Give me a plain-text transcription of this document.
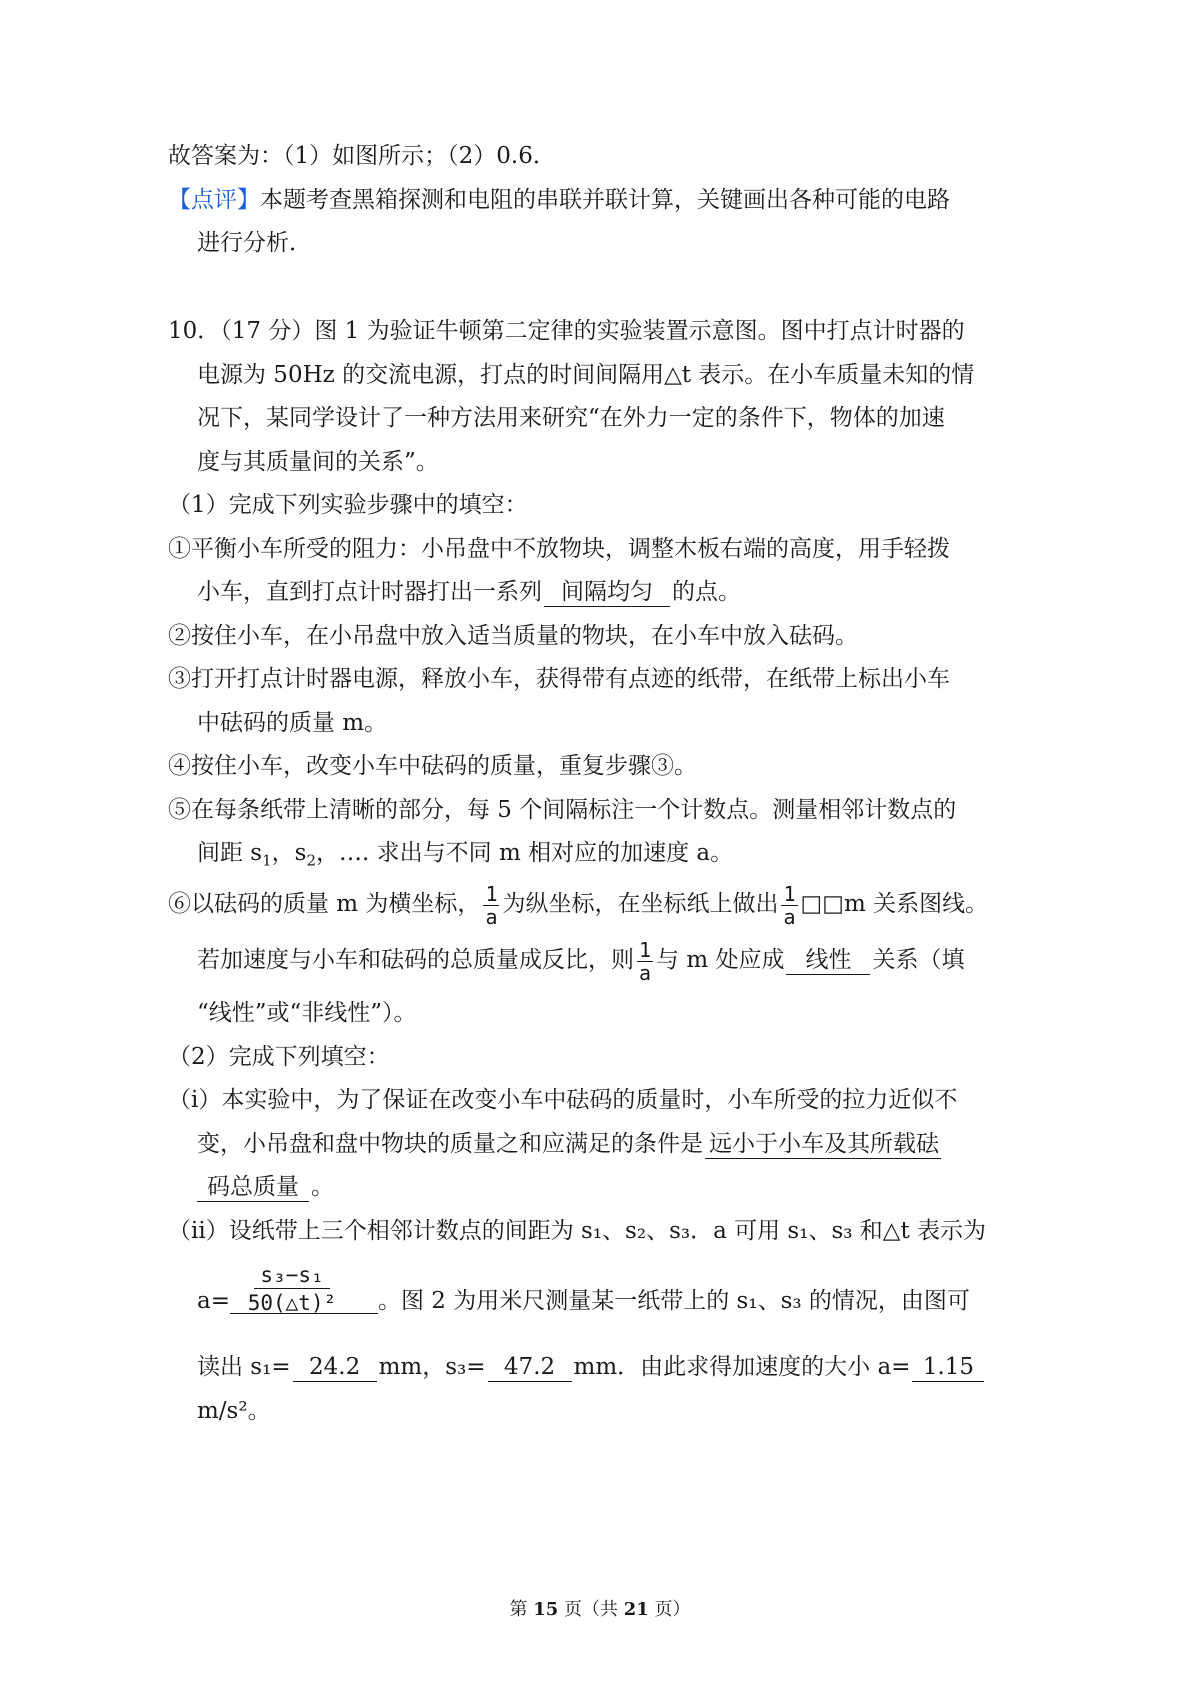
故答案为：（1）如图所示；（2）0.6．
【点评】本题考查黑箱探测和电阻的串联并联计算，关键画出各种可能的电路
进行分析．
10．（17 分）图 1 为验证牛顿第二定律的实验装置示意图。图中打点计时器的
电源为 50Hz 的交流电源，打点的时间间隔用△t 表示。在小车质量未知的情
况下，某同学设计了一种方法用来研究“在外力一定的条件下，物体的加速
度与其质量间的关系”。
（1）完成下列实验步骤中的填空：
①平衡小车所受的阻力：小吊盘中不放物块，调整木板右端的高度，用手轻拨
小车，直到打点计时器打出一系列 间隔均匀 的点。
②按住小车，在小吊盘中放入适当质量的物块，在小车中放入砝码。
③打开打点计时器电源，释放小车，获得带有点迹的纸带，在纸带上标出小车
中砝码的质量 m。
④按住小车，改变小车中砝码的质量，重复步骤③。
⑤在每条纸带上清晰的部分，每 5 个间隔标注一个计数点。测量相邻计数点的
间距 $s_1$，$s_2$，…. 求出与不同 m 相对应的加速度 a。
⑥以砝码的质量 m 为横坐标， $\frac{1}{a}$ 为纵坐标，在坐标纸上做出 $\frac{1}{a}$ □□m 关系图线。
若加速度与小车和砝码的总质量成反比，则 $\frac{1}{a}$ 与 m 处应成 线性 关系（填
“线性”或“非线性”）。
（2）完成下列填空：
（i）本实验中，为了保证在改变小车中砝码的质量时，小车所受的拉力近似不
变，小吊盘和盘中物块的质量之和应满足的条件是 远小于小车及其所载砝
码总质量 。
（ii）设纸带上三个相邻计数点的间距为 s₁、s₂、s₃．a 可用 s₁、s₃ 和△t 表示为
a=	。图 2 为用米尺测量某一纸带上的 s₁、s₃ 的情况，由图可
$\frac{\text{s₃−s₁}}{\text{50(△t)²}}$
读出 s₁= 24.2 mm，s₃= 47.2 mm．由此求得加速度的大小 a= 1.15
m/s²。
第 15 页（共 21 页）
